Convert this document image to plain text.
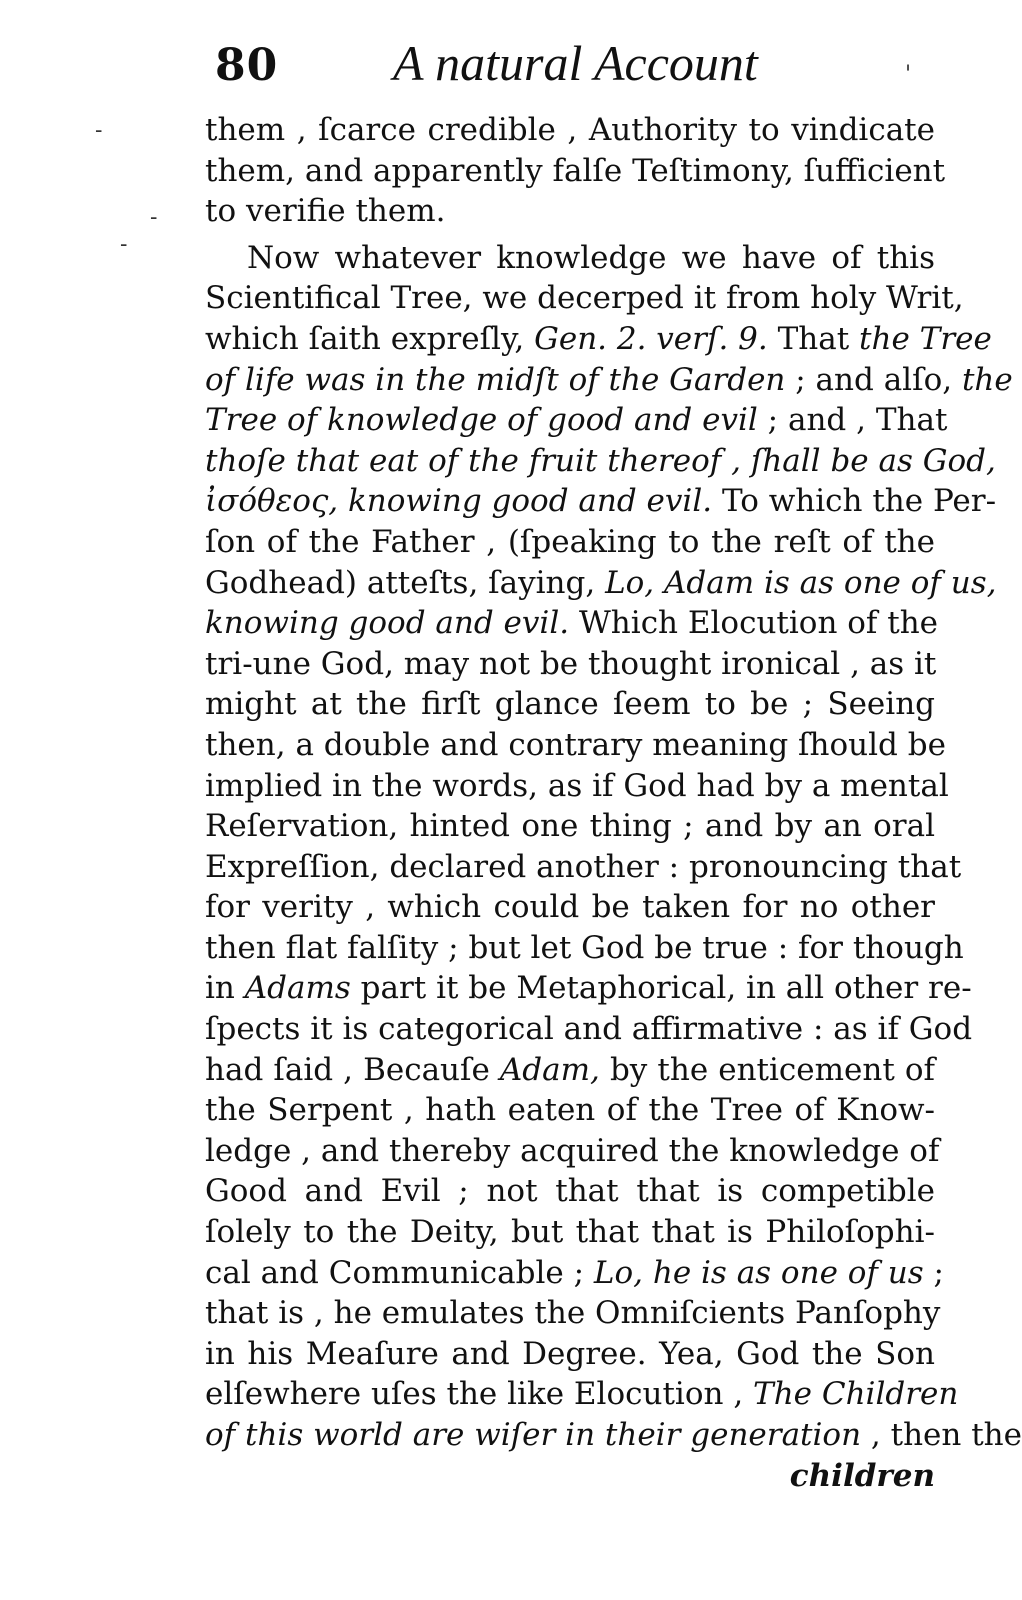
80 A natural Account
them , ſcarce credible , Authority to vindicate
them, and apparently falſe Teſtimony, ſufficient
to verifie them.
Now whatever knowledge we have of this
Scientifical Tree, we decerped it from holy Writ,
which ſaith expreſly, Gen. 2. verſ. 9. That the Tree
of life was in the midſt of the Garden ; and alſo, the
Tree of knowledge of good and evil ; and , That
thoſe that eat of the fruit thereof , ſhall be as God,
ἰσόθεος, knowing good and evil. To which the Per-
ſon of the Father , (ſpeaking to the reſt of the
Godhead) atteſts, ſaying, Lo, Adam is as one of us,
knowing good and evil. Which Elocution of the
tri-une God, may not be thought ironical , as it
might at the firſt glance ſeem to be ; Seeing
then, a double and contrary meaning ſhould be
implied in the words, as if God had by a mental
Reſervation, hinted one thing ; and by an oral
Expreſſion, declared another : pronouncing that
for verity , which could be taken for no other
then flat falſity ; but let God be true : for though
in Adams part it be Metaphorical, in all other re-
ſpects it is categorical and affirmative : as if God
had ſaid , Becauſe Adam, by the enticement of
the Serpent , hath eaten of the Tree of Know-
ledge , and thereby acquired the knowledge of
Good and Evil ; not that that is competible
ſolely to the Deity, but that that is Philoſophi-
cal and Communicable ; Lo, he is as one of us ;
that is , he emulates the Omniſcients Panſophy
in his Meaſure and Degree. Yea, God the Son
elſewhere uſes the like Elocution , The Children
of this world are wiſer in their generation , then the
children
-
-
-
'
